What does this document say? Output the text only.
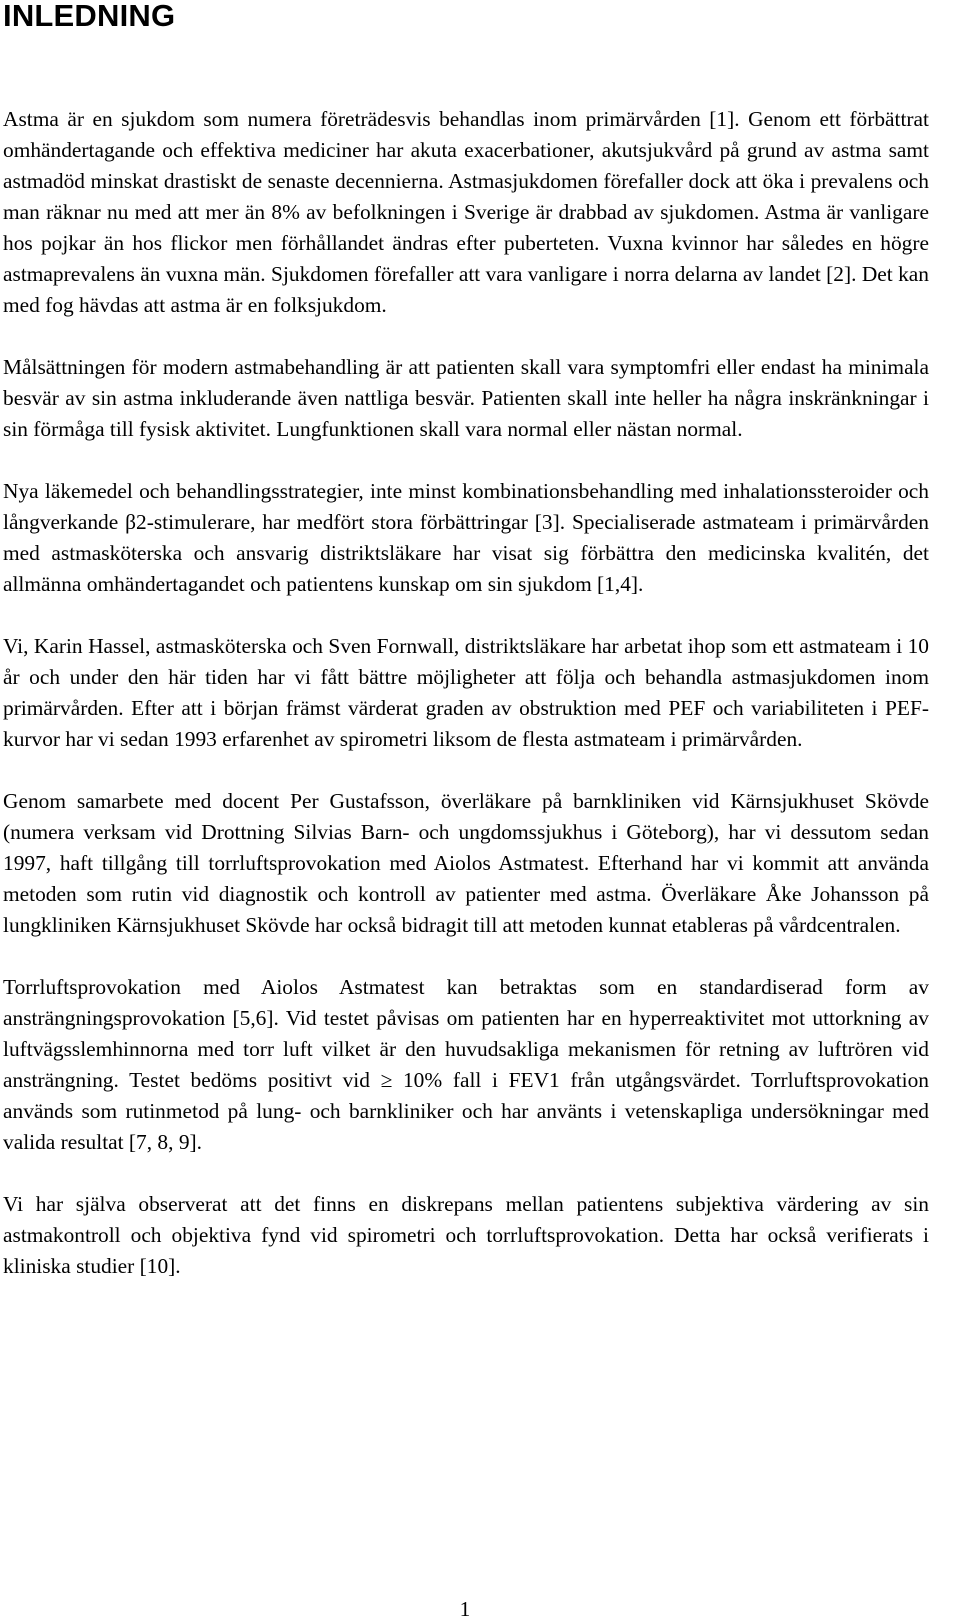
INLEDNING

Astma är en sjukdom som numera företrädesvis behandlas inom primärvården [1]. Genom ett förbättrat omhändertagande och effektiva mediciner har akuta exacerbationer, akutsjukvård på grund av astma samt astmadöd minskat drastiskt de senaste decennierna. Astmasjukdomen förefaller dock att öka i prevalens och man räknar nu med att mer än 8% av befolkningen i Sverige är drabbad av sjukdomen. Astma är vanligare hos pojkar än hos flickor men förhållandet ändras efter puberteten. Vuxna kvinnor har således en högre astmaprevalens än vuxna män. Sjukdomen förefaller att vara vanligare i norra delarna av landet [2]. Det kan med fog hävdas att astma är en folksjukdom.

Målsättningen för modern astmabehandling är att patienten skall vara symptomfri eller endast ha minimala besvär av sin astma inkluderande även nattliga besvär. Patienten skall inte heller ha några inskränkningar i sin förmåga till fysisk aktivitet. Lungfunktionen skall vara normal eller nästan normal.

Nya läkemedel och behandlingsstrategier, inte minst kombinationsbehandling med inhalationssteroider och långverkande β2-stimulerare, har medfört stora förbättringar [3]. Specialiserade astmateam i primärvården med astmasköterska och ansvarig distriktsläkare har visat sig förbättra den medicinska kvalitén, det allmänna omhändertagandet och patientens kunskap om sin sjukdom [1,4].

Vi, Karin Hassel, astmasköterska och Sven Fornwall, distriktsläkare har arbetat ihop som ett astmateam i 10 år och under den här tiden har vi fått bättre möjligheter att följa och behandla astmasjukdomen inom primärvården. Efter att i början främst värderat graden av obstruktion med PEF och variabiliteten i PEF-kurvor har vi sedan 1993 erfarenhet av spirometri liksom de flesta astmateam i primärvården.

Genom samarbete med docent Per Gustafsson, överläkare på barnkliniken vid Kärnsjukhuset Skövde (numera verksam vid Drottning Silvias Barn- och ungdomssjukhus i Göteborg), har vi dessutom sedan 1997, haft tillgång till torrluftsprovokation med Aiolos Astmatest. Efterhand har vi kommit att använda metoden som rutin vid diagnostik och kontroll av patienter med astma. Överläkare Åke Johansson på lungkliniken Kärnsjukhuset Skövde har också bidragit till att metoden kunnat etableras på vårdcentralen.

Torrluftsprovokation med Aiolos Astmatest kan betraktas som en standardiserad form av ansträngningsprovokation [5,6]. Vid testet påvisas om patienten har en hyperreaktivitet mot uttorkning av luftvägsslemhinnorna med torr luft vilket är den huvudsakliga mekanismen för retning av luftrören vid ansträngning. Testet bedöms positivt vid ≥ 10% fall i FEV1 från utgångsvärdet. Torrluftsprovokation används som rutinmetod på lung- och barnkliniker och har använts i vetenskapliga undersökningar med valida resultat [7, 8, 9].

Vi har själva observerat att det finns en diskrepans mellan patientens subjektiva värdering av sin astmakontroll och objektiva fynd vid spirometri och torrluftsprovokation. Detta har också verifierats i kliniska studier [10].

1
